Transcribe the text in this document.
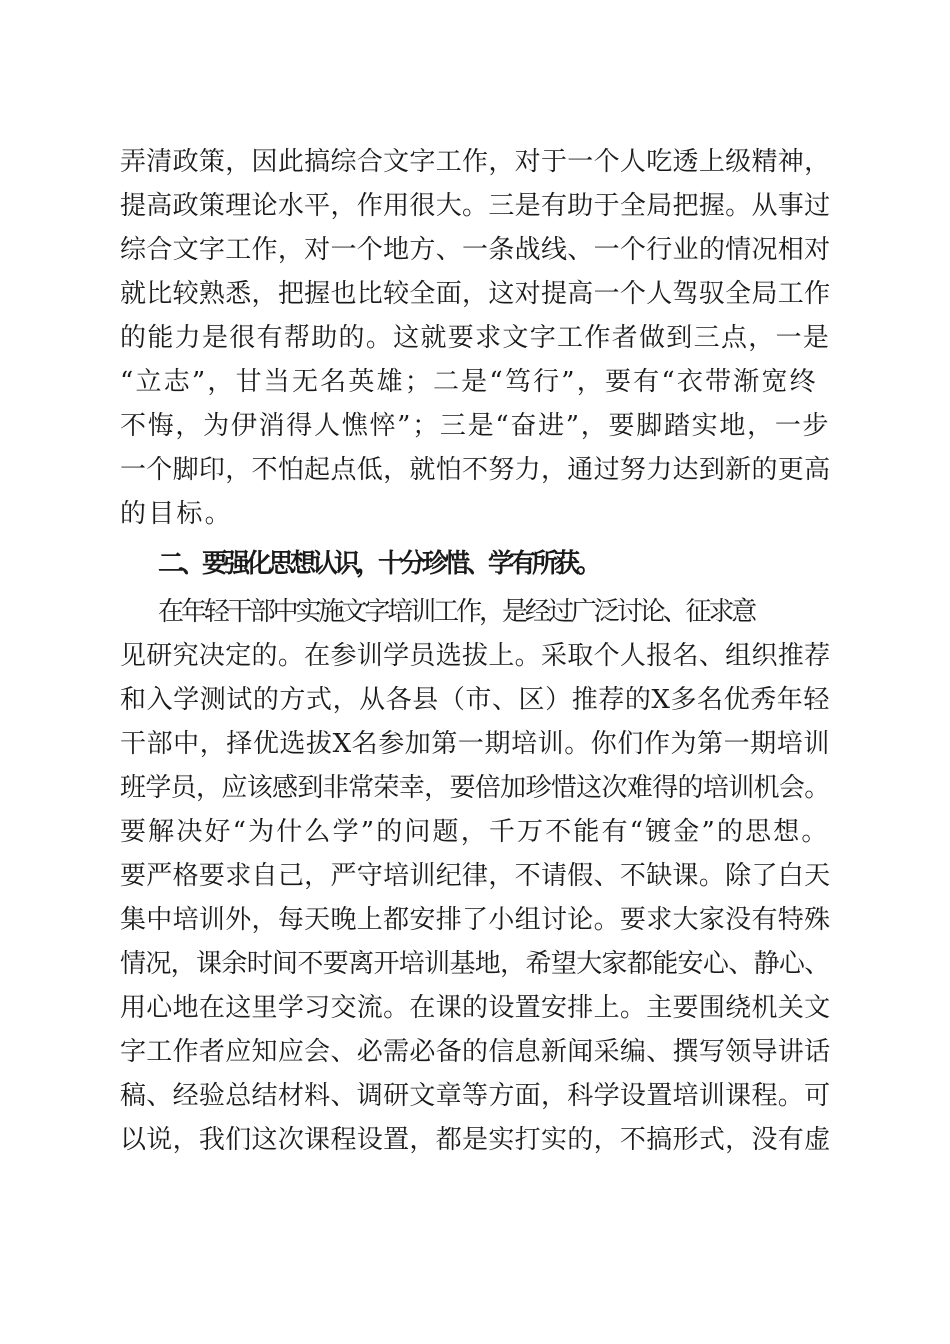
弄清政策，因此搞综合文字工作，对于一个人吃透上级精神，
提高政策理论水平，作用很大。三是有助于全局把握。从事过
综合文字工作，对一个地方、一条战线、一个行业的情况相对
就比较熟悉，把握也比较全面，这对提高一个人驾驭全局工作
的能力是很有帮助的。这就要求文字工作者做到三点，一是
“立志”，甘当无名英雄；二是“笃行”，要有“衣带渐宽终
不悔，为伊消得人憔悴”；三是“奋进”，要脚踏实地，一步
一个脚印，不怕起点低，就怕不努力，通过努力达到新的更高
的目标。
二、要强化思想认识，十分珍惜、学有所获。
在年轻干部中实施文字培训工作，是经过广泛讨论、征求意
见研究决定的。在参训学员选拔上。采取个人报名、组织推荐
和入学测试的方式，从各县（市、区）推荐的X多名优秀年轻
干部中，择优选拔X名参加第一期培训。你们作为第一期培训
班学员，应该感到非常荣幸，要倍加珍惜这次难得的培训机会。
要解决好“为什么学”的问题，千万不能有“镀金”的思想。
要严格要求自己，严守培训纪律，不请假、不缺课。除了白天
集中培训外，每天晚上都安排了小组讨论。要求大家没有特殊
情况，课余时间不要离开培训基地，希望大家都能安心、静心、
用心地在这里学习交流。在课的设置安排上。主要围绕机关文
字工作者应知应会、必需必备的信息新闻采编、撰写领导讲话
稿、经验总结材料、调研文章等方面，科学设置培训课程。可
以说，我们这次课程设置，都是实打实的，不搞形式，没有虚
